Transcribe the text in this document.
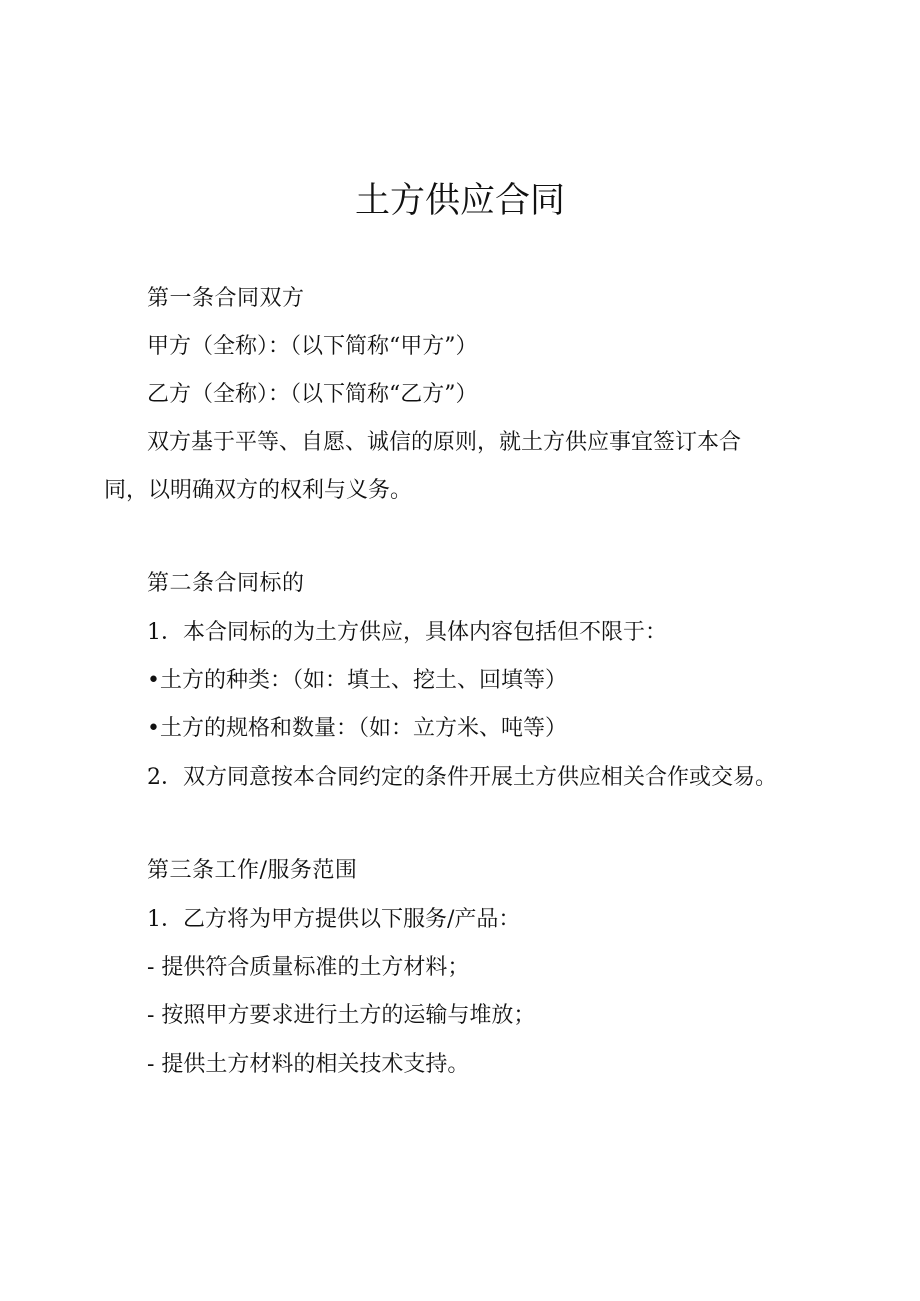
土方供应合同

第一条合同双方

甲方（全称）：（以下简称“甲方”）

乙方（全称）：（以下简称“乙方”）

双方基于平等、自愿、诚信的原则，就土方供应事宜签订本合

同，以明确双方的权利与义务。

第二条合同标的

1．本合同标的为土方供应，具体内容包括但不限于：

•土方的种类：（如：填土、挖土、回填等）

•土方的规格和数量：（如：立方米、吨等）

2．双方同意按本合同约定的条件开展土方供应相关合作或交易。

第三条工作/服务范围

1．乙方将为甲方提供以下服务/产品：

- 提供符合质量标准的土方材料；

- 按照甲方要求进行土方的运输与堆放；

- 提供土方材料的相关技术支持。
